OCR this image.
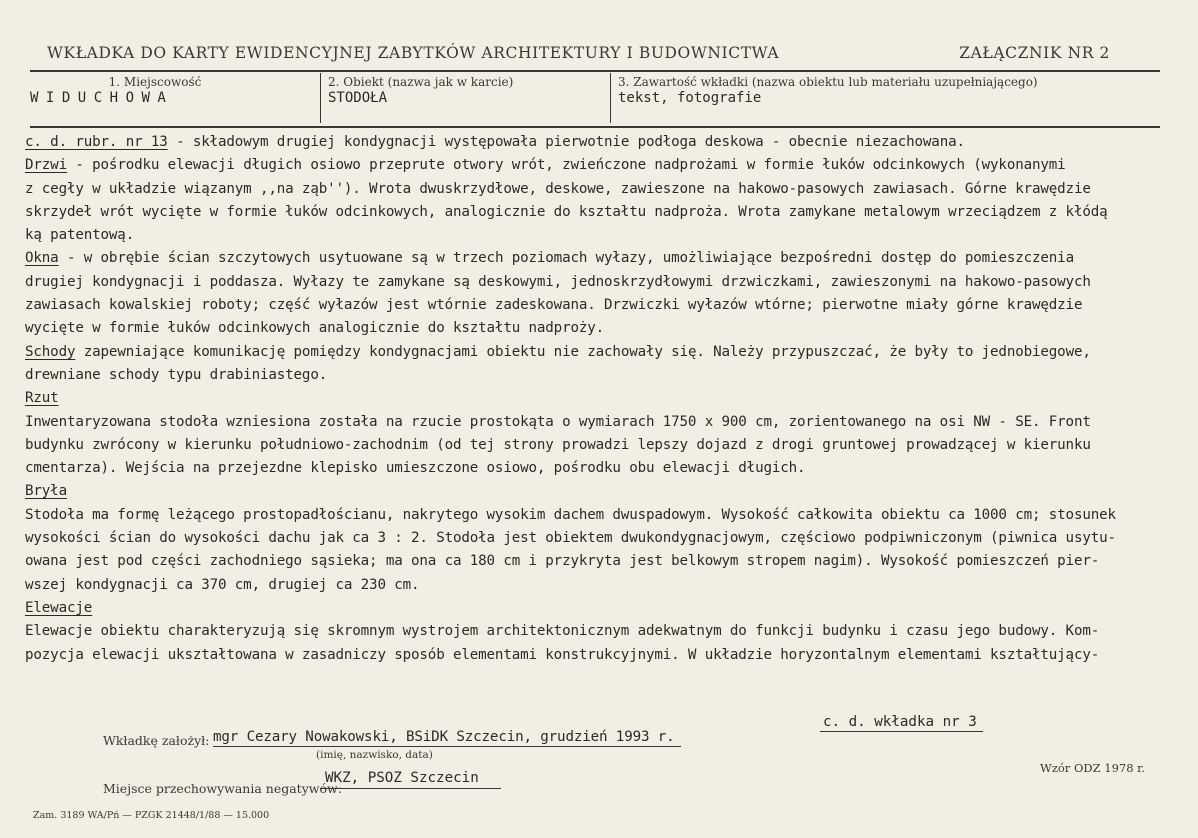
WKŁADKA DO KARTY EWIDENCYJNEJ ZABYTKÓW ARCHITEKTURY I BUDOWNICTWA	ZAŁĄCZNIK NR 2
1. Miejscowość
WIDUCHOWA
2. Obiekt (nazwa jak w karcie)
STODOŁA
3. Zawartość wkładki (nazwa obiektu lub materiału uzupełniającego)
tekst, fotografie
c. d. rubr. nr 13 - składowym drugiej kondygnacji występowała pierwotnie podłoga deskowa - obecnie niezachowana.
Drzwi - pośrodku elewacji długich osiowo przeprute otwory wrót, zwieńczone nadprożami w formie łuków odcinkowych (wykonanymi
z cegły w układzie wiązanym ,,na ząb''). Wrota dwuskrzydłowe, deskowe, zawieszone na hakowo-pasowych zawiasach. Górne krawędzie
skrzydeł wrót wycięte w formie łuków odcinkowych, analogicznie do kształtu nadproża. Wrota zamykane metalowym wrzeciądzem z kłódą
ką patentową.
Okna - w obrębie ścian szczytowych usytuowane są w trzech poziomach wyłazy, umożliwiające bezpośredni dostęp do pomieszczenia
drugiej kondygnacji i poddasza. Wyłazy te zamykane są deskowymi, jednoskrzydłowymi drzwiczkami, zawieszonymi na hakowo-pasowych
zawiasach kowalskiej roboty; część wyłazów jest wtórnie zadeskowana. Drzwiczki wyłazów wtórne; pierwotne miały górne krawędzie
wycięte w formie łuków odcinkowych analogicznie do kształtu nadproży.
Schody zapewniające komunikację pomiędzy kondygnacjami obiektu nie zachowały się. Należy przypuszczać, że były to jednobiegowe,
drewniane schody typu drabiniastego.
Rzut
Inwentaryzowana stodoła wzniesiona została na rzucie prostokąta o wymiarach 1750 x 900 cm, zorientowanego na osi NW - SE. Front
budynku zwrócony w kierunku południowo-zachodnim (od tej strony prowadzi lepszy dojazd z drogi gruntowej prowadzącej w kierunku
cmentarza). Wejścia na przejezdne klepisko umieszczone osiowo, pośrodku obu elewacji długich.
Bryła
Stodoła ma formę leżącego prostopadłościanu, nakrytego wysokim dachem dwuspadowym. Wysokość całkowita obiektu ca 1000 cm; stosunek
wysokości ścian do wysokości dachu jak ca 3 : 2. Stodoła jest obiektem dwukondygnacjowym, częściowo podpiwniczonym (piwnica usytu-
owana jest pod części zachodniego sąsieka; ma ona ca 180 cm i przykryta jest belkowym stropem nagim). Wysokość pomieszczeń pier-
wszej kondygnacji ca 370 cm, drugiej ca 230 cm.
Elewacje
Elewacje obiektu charakteryzują się skromnym wystrojem architektonicznym adekwatnym do funkcji budynku i czasu jego budowy. Kom-
pozycja elewacji ukształtowana w zasadniczy sposób elementami konstrukcyjnymi. W układzie horyzontalnym elementami kształtujący-
c. d. wkładka nr 3
Wkładkę założył: mgr Cezary Nowakowski, BSiDK Szczecin, grudzień 1993 r.
(imię, nazwisko, data)
Wzór ODZ 1978 r.
Miejsce przechowywania negatywów:
WKZ, PSOZ Szczecin
Zam. 3189 WA/Pń — PZGK 21448/1/88 — 15.000
